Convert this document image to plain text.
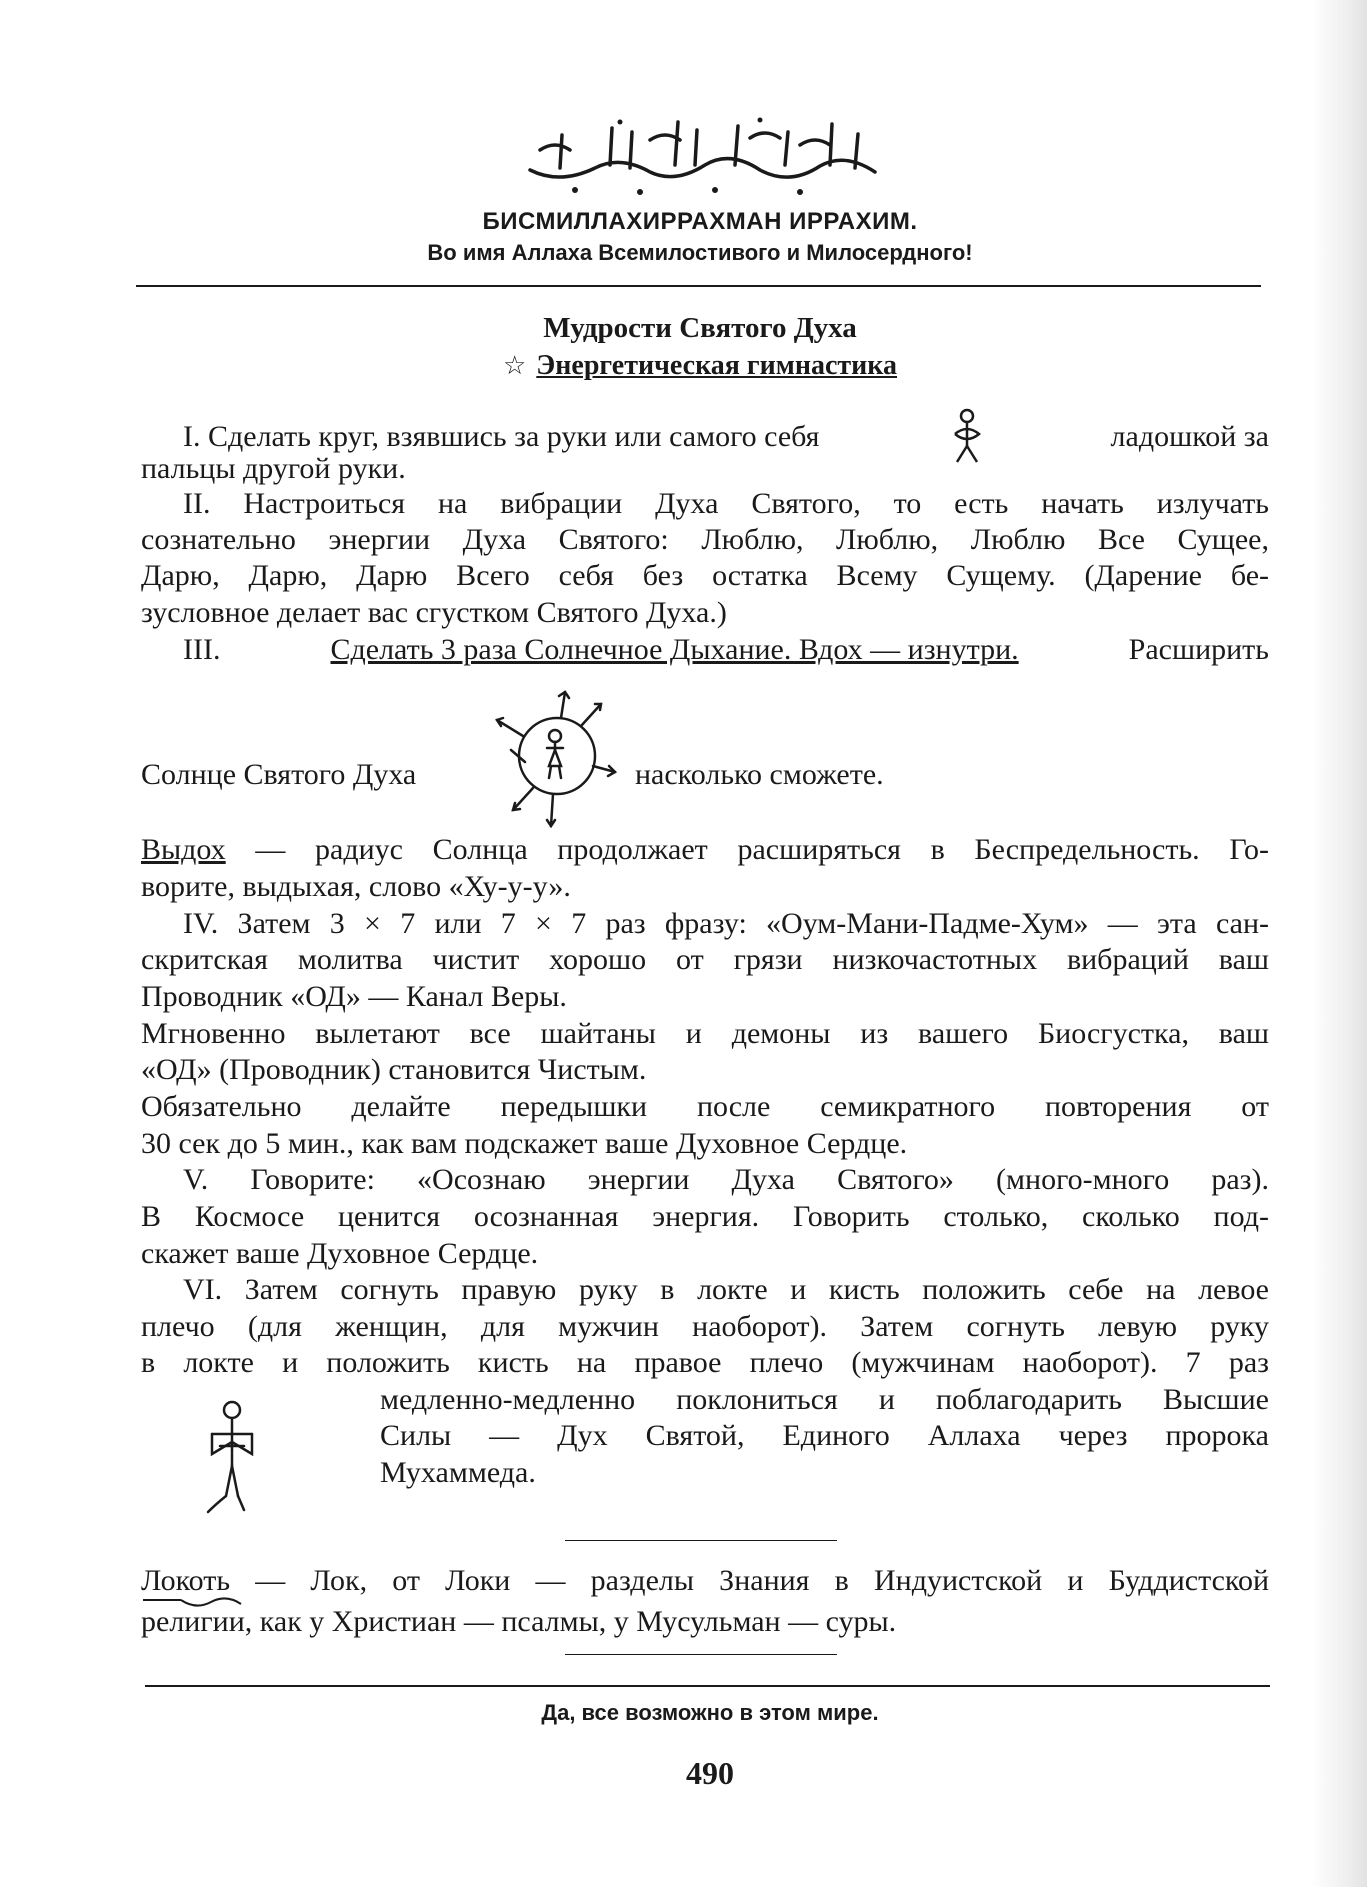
БИСМИЛЛАХИРРАХМАН ИРРАХИМ.
Во имя Аллаха Всемилостивого и Милосердного!
Мудрости Святого Духа
☆ Энергетическая гимнастика
I. Сделать круг, взявшись за руки или самого себя	ладошкой за
пальцы другой руки.
II. Настроиться на вибрации Духа Святого, то есть начать излучать
сознательно энергии Духа Святого: Люблю, Люблю, Люблю Все Сущее,
Дарю, Дарю, Дарю Всего себя без остатка Всему Сущему. (Дарение бе-
зусловное делает вас сгустком Святого Духа.)
III.	Сделать 3 раза Солнечное Дыхание. Вдох — изнутри.	Расширить
Солнце Святого Духа	насколько сможете.
Выдох — радиус Солнца продолжает расширяться в Беспредельность. Го-
ворите, выдыхая, слово «Ху-у-у».
IV. Затем 3 × 7 или 7 × 7 раз фразу: «Оум-Мани-Падме-Хум» — эта сан-
скритская молитва чистит хорошо от грязи низкочастотных вибраций ваш
Проводник «ОД» — Канал Веры.
Мгновенно вылетают все шайтаны и демоны из вашего Биосгустка, ваш
«ОД» (Проводник) становится Чистым.
Обязательно делайте передышки после семикратного повторения от
30 сек до 5 мин., как вам подскажет ваше Духовное Сердце.
V. Говорите: «Осознаю энергии Духа Святого» (много-много раз).
В Космосе ценится осознанная энергия. Говорить столько, сколько под-
скажет ваше Духовное Сердце.
VI. Затем согнуть правую руку в локте и кисть положить себе на левое
плечо (для женщин, для мужчин наоборот). Затем согнуть левую руку
в локте и положить кисть на правое плечо (мужчинам наоборот). 7 раз
медленно-медленно поклониться и поблагодарить Высшие
Силы — Дух Святой, Единого Аллаха через пророка
Мухаммеда.
Локоть — Лок, от Локи — разделы Знания в Индуистской и Буддистской
религии, как у Христиан — псалмы, у Мусульман — суры.
Да, все возможно в этом мире.
490
